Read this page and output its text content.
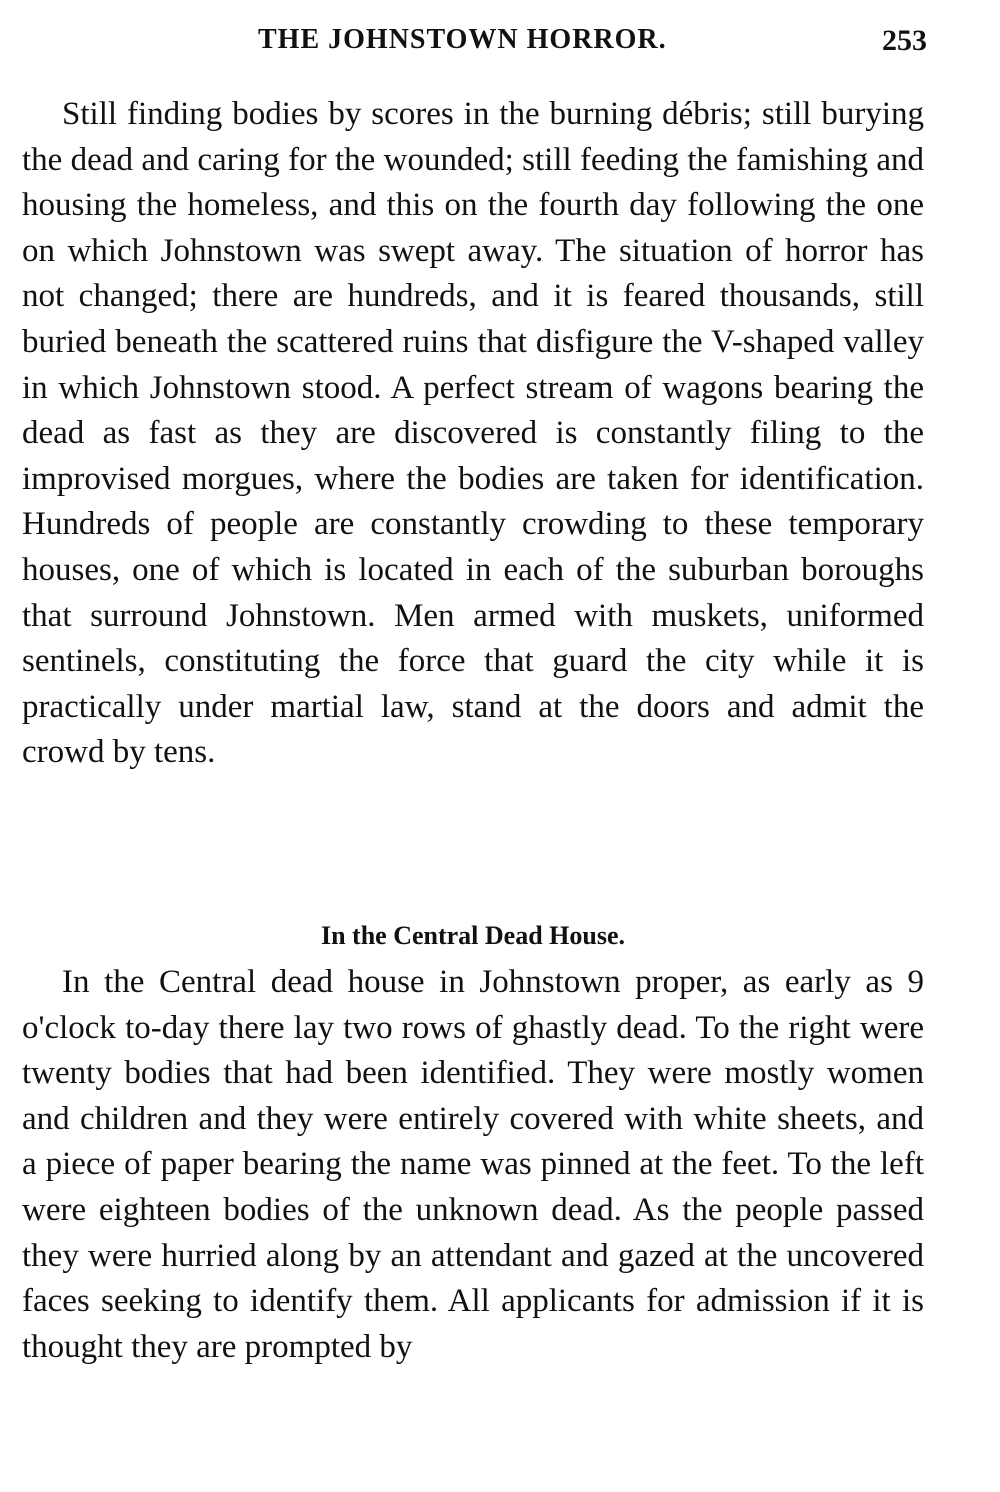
THE JOHNSTOWN HORROR.	253

Still finding bodies by scores in the burning débris; still burying the dead and caring for the wounded; still feeding the famishing and housing the homeless, and this on the fourth day following the one on which Johnstown was swept away. The situation of horror has not changed; there are hundreds, and it is feared thousands, still buried beneath the scattered ruins that disfigure the V-shaped valley in which Johnstown stood. A perfect stream of wagons bearing the dead as fast as they are discovered is constantly filing to the improvised morgues, where the bodies are taken for identification. Hundreds of people are constantly crowding to these temporary houses, one of which is located in each of the suburban boroughs that surround Johnstown. Men armed with muskets, uniformed sentinels, constituting the force that guard the city while it is practically under martial law, stand at the doors and admit the crowd by tens.

In the Central Dead House.

In the Central dead house in Johnstown proper, as early as 9 o'clock to-day there lay two rows of ghastly dead. To the right were twenty bodies that had been identified. They were mostly women and children and they were entirely covered with white sheets, and a piece of paper bearing the name was pinned at the feet. To the left were eighteen bodies of the unknown dead. As the people passed they were hurried along by an attendant and gazed at the uncovered faces seeking to identify them. All applicants for admission if it is thought they are prompted by
